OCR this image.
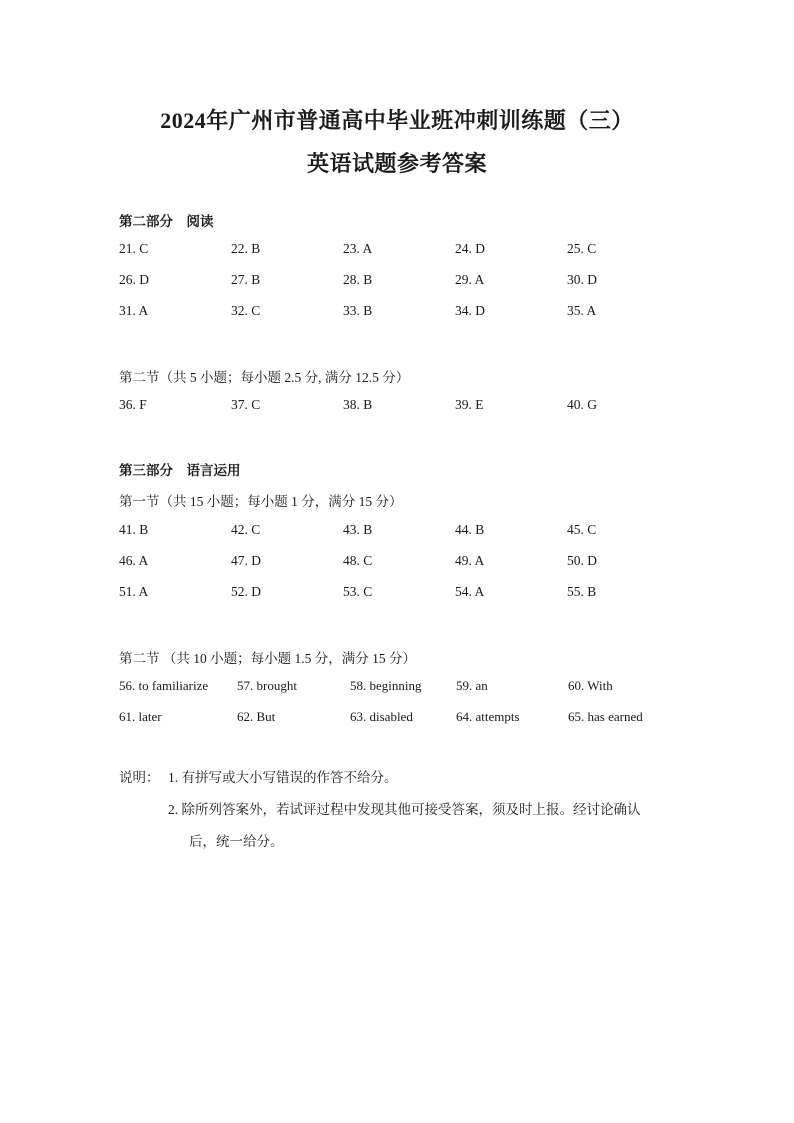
2024年广州市普通高中毕业班冲刺训练题（三）
英语试题参考答案
第二部分　阅读
21. C	22. B	23. A	24. D	25. C
26. D	27. B	28. B	29. A	30. D
31. A	32. C	33. B	34. D	35. A
第二节（共 5 小题；每小题 2.5 分, 满分 12.5 分）
36. F	37. C	38. B	39. E	40. G
第三部分　语言运用
第一节（共 15 小题；每小题 1 分，满分 15 分）
41. B	42. C	43. B	44. B	45. C
46. A	47. D	48. C	49. A	50. D
51. A	52. D	53. C	54. A	55. B
第二节 （共 10 小题；每小题 1.5 分，满分 15 分）
56. to familiarize 57. brought	58. beginning	59. an	60. With
61. later	62. But	63. disabled	64. attempts	65. has earned
说明： 1. 有拼写或大小写错误的作答不给分。
2. 除所列答案外，若试评过程中发现其他可接受答案，须及时上报。经讨论确认
后，统一给分。
